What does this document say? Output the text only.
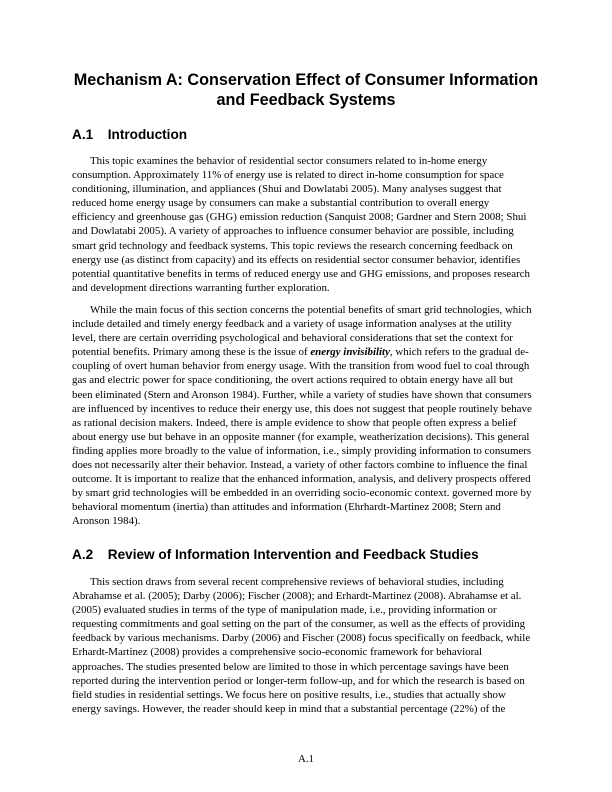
Mechanism A: Conservation Effect of Consumer Information
and Feedback Systems
A.1 Introduction
This topic examines the behavior of residential sector consumers related to in-home energy
consumption. Approximately 11% of energy use is related to direct in-home consumption for space
conditioning, illumination, and appliances (Shui and Dowlatabi 2005). Many analyses suggest that
reduced home energy usage by consumers can make a substantial contribution to overall energy
efficiency and greenhouse gas (GHG) emission reduction (Sanquist 2008; Gardner and Stern 2008; Shui
and Dowlatabi 2005). A variety of approaches to influence consumer behavior are possible, including
smart grid technology and feedback systems. This topic reviews the research concerning feedback on
energy use (as distinct from capacity) and its effects on residential sector consumer behavior, identifies
potential quantitative benefits in terms of reduced energy use and GHG emissions, and proposes research
and development directions warranting further exploration.
While the main focus of this section concerns the potential benefits of smart grid technologies, which
include detailed and timely energy feedback and a variety of usage information analyses at the utility
level, there are certain overriding psychological and behavioral considerations that set the context for
potential benefits. Primary among these is the issue of energy invisibility, which refers to the gradual de-
coupling of overt human behavior from energy usage. With the transition from wood fuel to coal through
gas and electric power for space conditioning, the overt actions required to obtain energy have all but
been eliminated (Stern and Aronson 1984). Further, while a variety of studies have shown that consumers
are influenced by incentives to reduce their energy use, this does not suggest that people routinely behave
as rational decision makers. Indeed, there is ample evidence to show that people often express a belief
about energy use but behave in an opposite manner (for example, weatherization decisions). This general
finding applies more broadly to the value of information, i.e., simply providing information to consumers
does not necessarily alter their behavior. Instead, a variety of other factors combine to influence the final
outcome. It is important to realize that the enhanced information, analysis, and delivery prospects offered
by smart grid technologies will be embedded in an overriding socio-economic context. governed more by
behavioral momentum (inertia) than attitudes and information (Ehrhardt-Martinez 2008; Stern and
Aronson 1984).
A.2 Review of Information Intervention and Feedback Studies
This section draws from several recent comprehensive reviews of behavioral studies, including
Abrahamse et al. (2005); Darby (2006); Fischer (2008); and Erhardt-Martinez (2008). Abrahamse et al.
(2005) evaluated studies in terms of the type of manipulation made, i.e., providing information or
requesting commitments and goal setting on the part of the consumer, as well as the effects of providing
feedback by various mechanisms. Darby (2006) and Fischer (2008) focus specifically on feedback, while
Erhardt-Martinez (2008) provides a comprehensive socio-economic framework for behavioral
approaches. The studies presented below are limited to those in which percentage savings have been
reported during the intervention period or longer-term follow-up, and for which the research is based on
field studies in residential settings. We focus here on positive results, i.e., studies that actually show
energy savings. However, the reader should keep in mind that a substantial percentage (22%) of the
A.1
